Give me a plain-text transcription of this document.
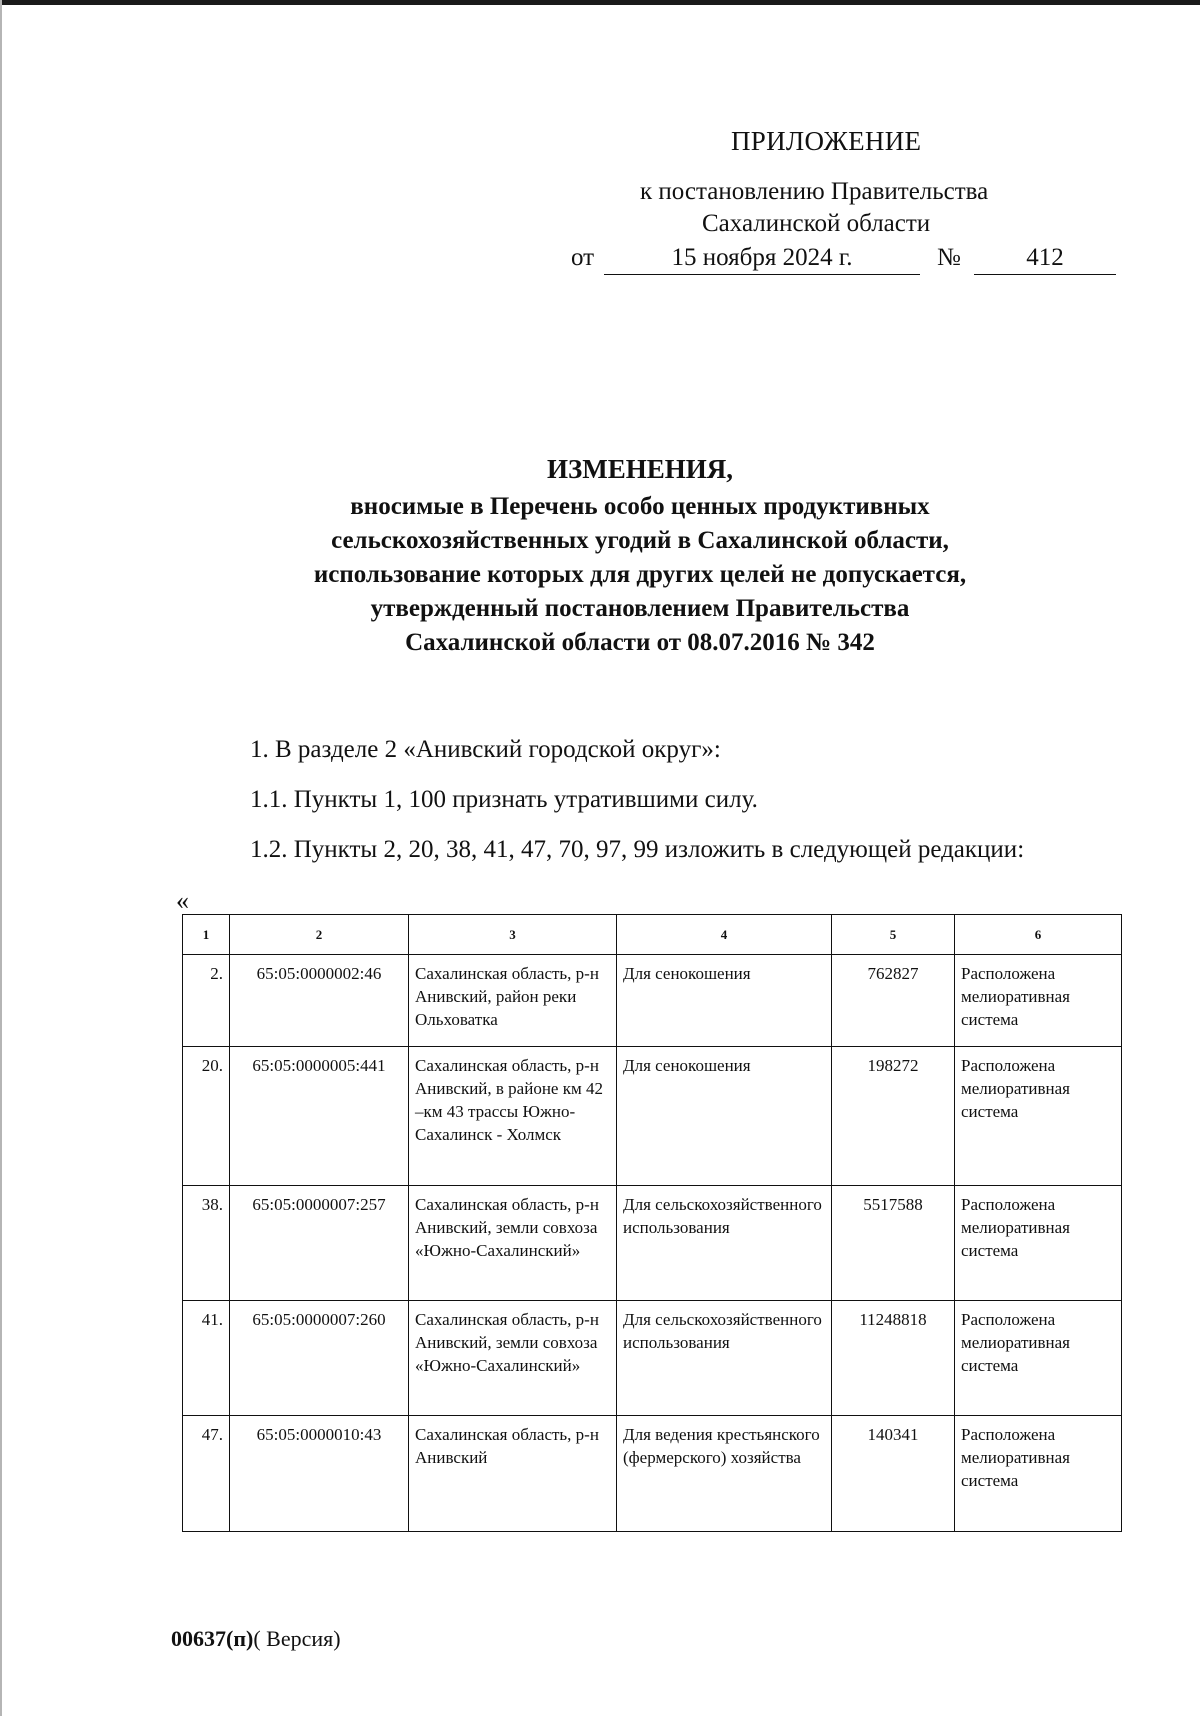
ПРИЛОЖЕНИЕ
к постановлению Правительства
Сахалинской области
от	15 ноября 2024 г.	№	412
ИЗМЕНЕНИЯ,
вносимые в Перечень особо ценных продуктивных
сельскохозяйственных угодий в Сахалинской области,
использование которых для других целей не допускается,
утвержденный постановлением Правительства
Сахалинской области от 08.07.2016 № 342
1. В разделе 2 «Анивский городской округ»:
1.1. Пункты 1, 100 признать утратившими силу.
1.2. Пункты 2, 20, 38, 41, 47, 70, 97, 99 изложить в следующей редакции:
«
1	2	3	4	5	6
2.	65:05:0000002:46	Сахалинская область, р-н Анивский, район реки Ольховатка	Для сенокошения	762827	Расположена мелиоративная система
20.	65:05:0000005:441	Сахалинская область, р-н Анивский, в районе км 42 –км 43 трассы Южно-Сахалинск - Холмск	Для сенокошения	198272	Расположена мелиоративная система
38.	65:05:0000007:257	Сахалинская область, р-н Анивский, земли совхоза «Южно-Сахалинский»	Для сельскохозяйственного использования	5517588	Расположена мелиоративная система
41.	65:05:0000007:260	Сахалинская область, р-н Анивский, земли совхоза «Южно-Сахалинский»	Для сельскохозяйственного использования	11248818	Расположена мелиоративная система
47.	65:05:0000010:43	Сахалинская область, р-н Анивский	Для ведения крестьянского (фермерского) хозяйства	140341	Расположена мелиоративная система
00637(п)( Версия)
